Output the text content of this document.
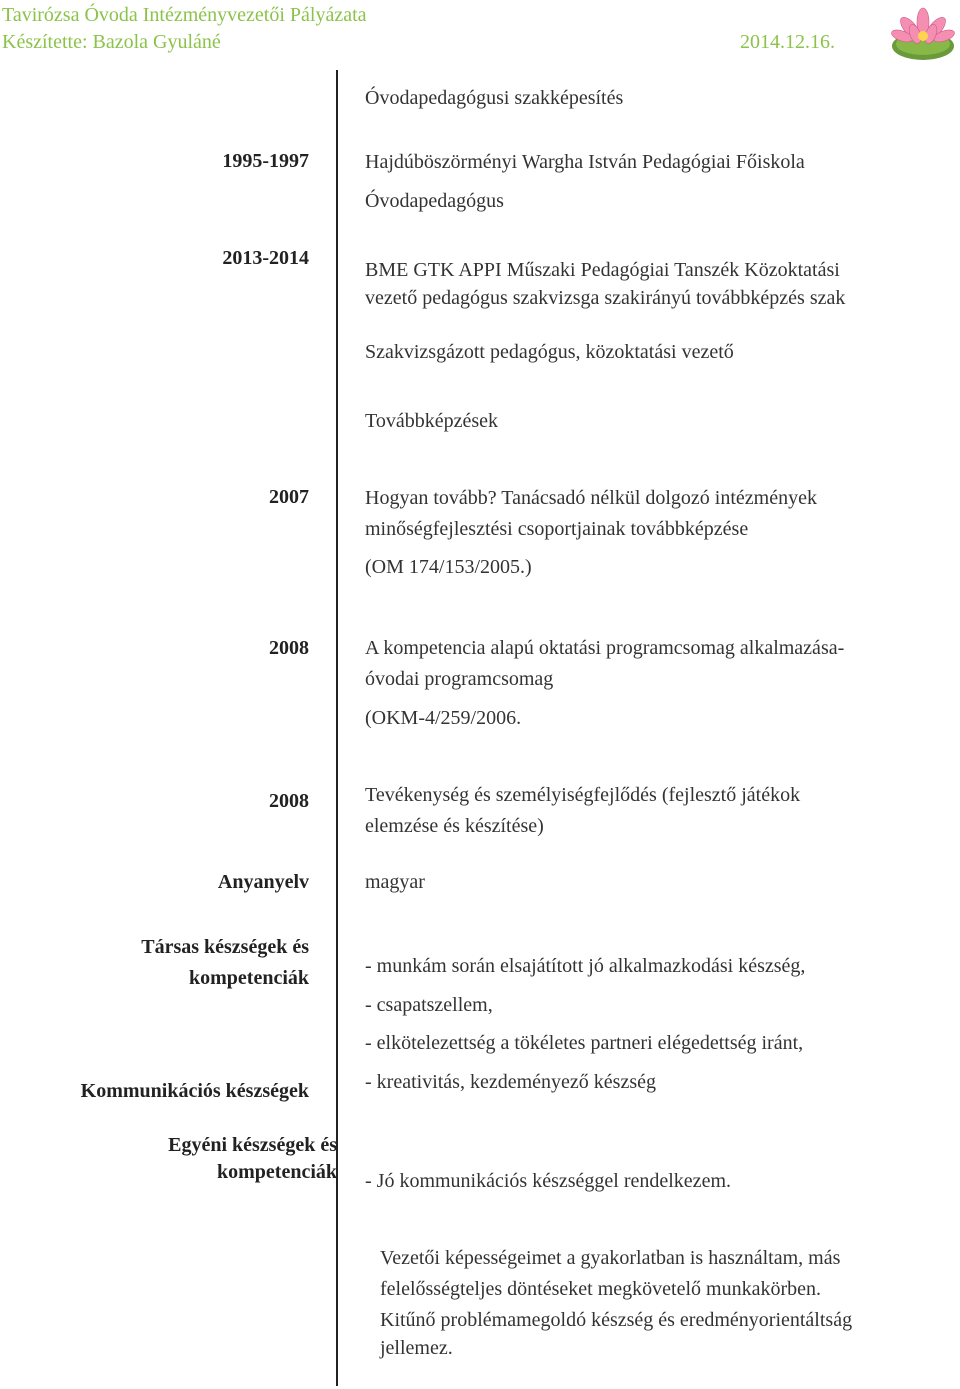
Tavirózsa Óvoda Intézményvezetői Pályázata
Készítette: Bazola Gyuláné	2014.12.16.
1995-1997
2013-2014
2007
2008
2008
Anyanyelv
Társas készségek és
kompetenciák
Kommunikációs készségek
Egyéni készségek és
kompetenciák
Óvodapedagógusi szakképesítés
Hajdúböszörményi Wargha István Pedagógiai Főiskola
Óvodapedagógus
BME GTK APPI Műszaki Pedagógiai Tanszék Közoktatási
vezető pedagógus szakvizsga szakirányú továbbképzés szak
Szakvizsgázott pedagógus, közoktatási vezető
Továbbképzések
Hogyan tovább? Tanácsadó nélkül dolgozó intézmények
minőségfejlesztési csoportjainak továbbképzése
(OM 174/153/2005.)
A kompetencia alapú oktatási programcsomag alkalmazása-
óvodai programcsomag
(OKM-4/259/2006.
Tevékenység és személyiségfejlődés (fejlesztő játékok
elemzése és készítése)
magyar
- munkám során elsajátított jó alkalmazkodási készség,
- csapatszellem,
- elkötelezettség a tökéletes partneri elégedettség iránt,
- kreativitás, kezdeményező készség
- Jó kommunikációs készséggel rendelkezem.
Vezetői képességeimet a gyakorlatban is használtam, más
felelősségteljes döntéseket megkövetelő munkakörben.
Kitűnő problémamegoldó készség és eredményorientáltság
jellemez.
